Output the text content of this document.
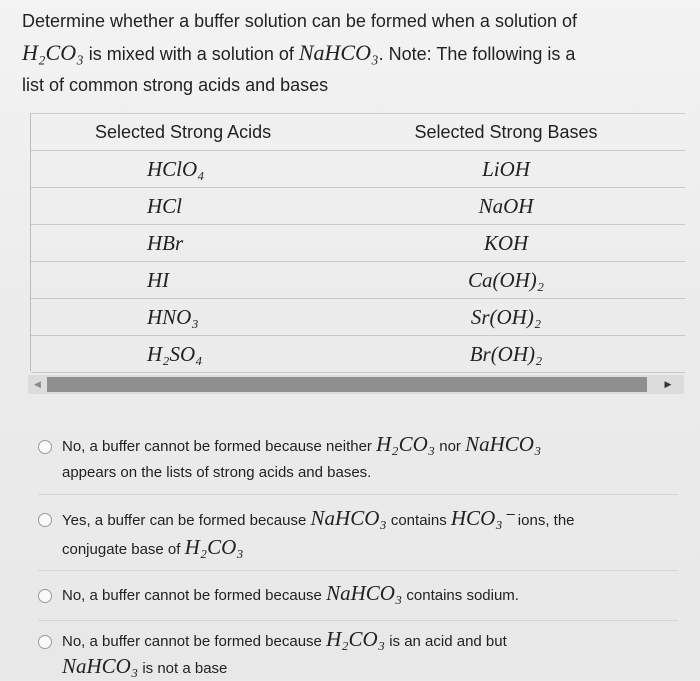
Determine whether a buffer solution can be formed when a solution of
H₂CO₃ is mixed with a solution of NaHCO₃. Note: The following is a
list of common strong acids and bases
Selected Strong Acids	Selected Strong Bases
HClO₄	LiOH
HCl	NaOH
HBr	KOH
HI	Ca(OH)₂
HNO₃	Sr(OH)₂
H₂SO₄	Br(OH)₂
◀	▶
No, a buffer cannot be formed because neither H₂CO₃ nor NaHCO₃
appears on the lists of strong acids and bases.
Yes, a buffer can be formed because NaHCO₃ contains HCO₃⁻ ions, the
conjugate base of H₂CO₃
No, a buffer cannot be formed because NaHCO₃ contains sodium.
No, a buffer cannot be formed because H₂CO₃ is an acid and but
NaHCO₃ is not a base
